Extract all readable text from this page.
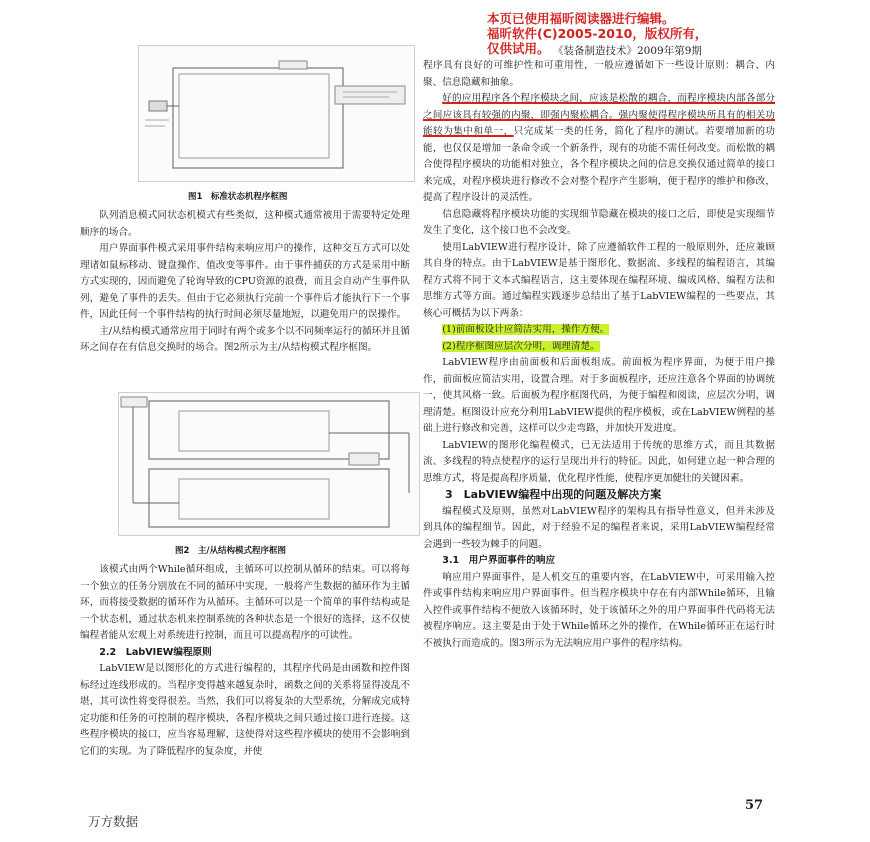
本页已使用福昕阅读器进行编辑。
福昕软件(C)2005-2010，版权所有，
仅供试用。 《装备制造技术》2009年第9期
图1　标准状态机程序框图

队列消息模式同状态机模式有些类似，这种模式通常被用于需要特定处理顺序的场合。

用户界面事件模式采用事件结构来响应用户的操作，这种交互方式可以处理诸如鼠标移动、键盘操作、值改变等事件。由于事件捕获的方式是采用中断方式实现的，因而避免了轮询导致的CPU资源的浪费，而且会自动产生事件队列，避免了事件的丢失。但由于它必须执行完前一个事件后才能执行下一个事件，因此任何一个事件结构的执行时间必须尽量地短，以避免用户的误操作。

主/从结构模式通常应用于同时有两个或多个以不同频率运行的循环并且循环之间存在有信息交换时的场合。图2所示为主/从结构模式程序框图。

图2　主/从结构模式程序框图

该模式由两个While循环组成，主循环可以控制从循环的结束。可以将每一个独立的任务分别放在不同的循环中实现，一般将产生数据的循环作为主循环，而将接受数据的循环作为从循环。主循环可以是一个简单的事件结构或是一个状态机，通过状态机来控制系统的各种状态是一个很好的选择，这不仅使编程者能从宏观上对系统进行控制，而且可以提高程序的可读性。

2.2　LabVIEW编程原则

LabVIEW是以图形化的方式进行编程的，其程序代码是由函数和控件图标经过连线形成的。当程序变得越来越复杂时，函数之间的关系将显得凌乱不堪，其可读性将变得很差。当然，我们可以将复杂的大型系统，分解成完成特定功能和任务的可控制的程序模块，各程序模块之间只通过接口进行连接。这些程序模块的接口，应当容易理解，这使得对这些程序模块的使用不会影响到它们的实现。为了降低程序的复杂度，并使

程序具有良好的可维护性和可重用性，一般应遵循如下一些设计原则：耦合、内聚、信息隐藏和抽象。

好的应用程序各个程序模块之间，应该是松散的耦合，而程序模块内部各部分之间应该具有较强的内聚，即强内聚松耦合。强内聚使得程序模块所具有的相关功能较为集中和单一，只完成某一类的任务，简化了程序的测试。若要增加新的功能，也仅仅是增加一条命令或一个新条件，现有的功能不需任何改变。而松散的耦合使得程序模块的功能相对独立，各个程序模块之间的信息交换仅通过简单的接口来完成，对程序模块进行修改不会对整个程序产生影响，便于程序的维护和修改，提高了程序设计的灵活性。

信息隐藏将程序模块功能的实现细节隐藏在模块的接口之后，即使是实现细节发生了变化，这个接口也不会改变。

使用LabVIEW进行程序设计，除了应遵循软件工程的一般原则外，还应兼顾其自身的特点。由于LabVIEW是基于图形化、数据流、多线程的编程语言，其编程方式将不同于文本式编程语言，这主要体现在编程环境、编成风格、编程方法和思维方式等方面。通过编程实践逐步总结出了基于LabVIEW编程的一些要点，其核心可概括为以下两条：

(1)前面板设计应简洁实用，操作方便。

(2)程序框图应层次分明，调理清楚。

LabVIEW程序由前面板和后面板组成。前面板为程序界面，为便于用户操作，前面板应简洁实用，设置合理。对于多面板程序，还应注意各个界面的协调统一，使其风格一致。后面板为程序框图代码，为便于编程和阅读，应层次分明，调理清楚。框图设计应充分利用LabVIEW提供的程序模板，或在LabVIEW例程的基础上进行修改和完善，这样可以少走弯路，并加快开发进度。

LabVIEW的图形化编程模式，已无法适用于传统的思维方式，而且其数据流、多线程的特点使程序的运行呈现出并行的特征。因此，如何建立起一种合理的思维方式，将是提高程序质量，优化程序性能，使程序更加健壮的关键因素。

3　LabVIEW编程中出现的问题及解决方案

编程模式及原则，虽然对LabVIEW程序的架构具有指导性意义，但并未涉及到具体的编程细节。因此，对于经验不足的编程者来说，采用LabVIEW编程经常会遇到一些较为棘手的问题。

3.1　用户界面事件的响应

响应用户界面事件，是人机交互的重要内容，在LabVIEW中，可采用输入控件或事件结构来响应用户界面事件。但当程序模块中存在有内部While循环，且输入控件或事件结构不便放入该循环时，处于该循环之外的用户界面事件代码将无法被程序响应。这主要是由于处于While循环之外的操作，在While循环正在运行时不被执行而造成的。图3所示为无法响应用户事件的程序结构。

57
万方数据
